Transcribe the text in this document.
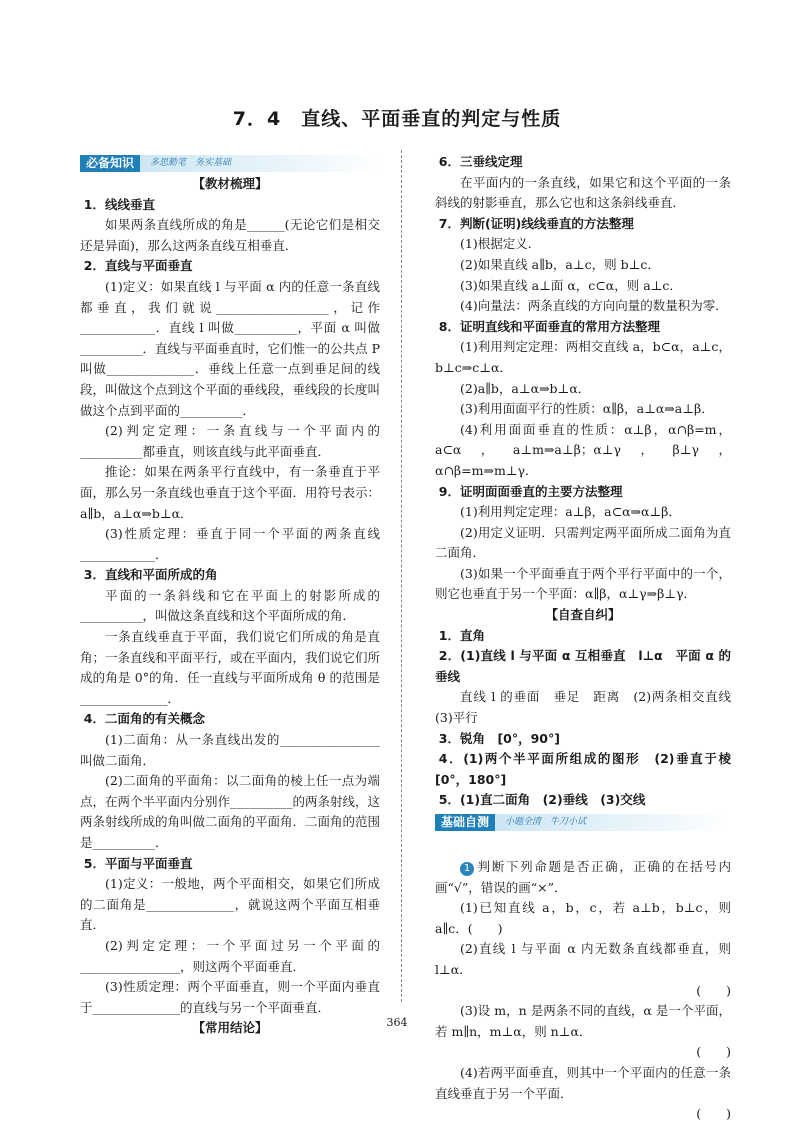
7．4　直线、平面垂直的判定与性质
必备知识	多思勤笔　务实基础

【教材梳理】

1．线线垂直

如果两条直线所成的角是______(无论它们是相交还是异面)，那么这两条直线互相垂直．

2．直线与平面垂直

(1)定义：如果直线 l 与平面 α 内的任意一条直线都垂直，我们就说__________________，记作____________．直线 l 叫做__________，平面 α 叫做__________．直线与平面垂直时，它们惟一的公共点 P 叫做______________．垂线上任意一点到垂足间的线段，叫做这个点到这个平面的垂线段，垂线段的长度叫做这个点到平面的__________．

(2)判定定理：一条直线与一个平面内的__________都垂直，则该直线与此平面垂直．

推论：如果在两条平行直线中，有一条垂直于平面，那么另一条直线也垂直于这个平面．用符号表示：a∥b，a⊥α⇒b⊥α．

(3)性质定理：垂直于同一个平面的两条直线____________．

3．直线和平面所成的角

平面的一条斜线和它在平面上的射影所成的__________，叫做这条直线和这个平面所成的角．

一条直线垂直于平面，我们说它们所成的角是直角；一条直线和平面平行，或在平面内，我们说它们所成的角是 0°的角．任一直线与平面所成角 θ 的范围是______________．

4．二面角的有关概念

(1)二面角：从一条直线出发的________________叫做二面角．

(2)二面角的平面角：以二面角的棱上任一点为端点，在两个半平面内分别作__________的两条射线，这两条射线所成的角叫做二面角的平面角．二面角的范围是__________．

5．平面与平面垂直

(1)定义：一般地，两个平面相交，如果它们所成的二面角是______________，就说这两个平面互相垂直．

(2)判定定理：一个平面过另一个平面的________________，则这两个平面垂直．

(3)性质定理：两个平面垂直，则一个平面内垂直于______________的直线与另一个平面垂直．

【常用结论】

6．三垂线定理

在平面内的一条直线，如果它和这个平面的一条斜线的射影垂直，那么它也和这条斜线垂直．

7．判断(证明)线线垂直的方法整理

(1)根据定义．

(2)如果直线 a∥b，a⊥c，则 b⊥c．

(3)如果直线 a⊥面 α，c⊂α，则 a⊥c．

(4)向量法：两条直线的方向向量的数量积为零．

8．证明直线和平面垂直的常用方法整理

(1)利用判定定理：两相交直线 a，b⊂α，a⊥c，b⊥c⇒c⊥α．

(2)a∥b，a⊥α⇒b⊥α．

(3)利用面面平行的性质：α∥β，a⊥α⇒a⊥β．

(4)利用面面垂直的性质：α⊥β，α∩β=m，a⊂α，a⊥m⇒a⊥β；α⊥γ，β⊥γ，α∩β=m⇒m⊥γ．

9．证明面面垂直的主要方法整理

(1)利用判定定理：a⊥β，a⊂α⇒α⊥β．

(2)用定义证明．只需判定两平面所成二面角为直二面角．

(3)如果一个平面垂直于两个平行平面中的一个，则它也垂直于另一个平面：α∥β，α⊥γ⇒β⊥γ．

【自查自纠】

1．直角

2．(1)直线 l 与平面 α 互相垂直　l⊥α　平面 α 的垂线

直线 l 的垂面　垂足　距离　(2)两条相交直线　(3)平行

3．锐角　[0°，90°]

4．(1)两个半平面所组成的图形　(2)垂直于棱　[0°，180°]

5．(1)直二面角　(2)垂线　(3)交线

基础自测	小题全清　牛刀小试

1 判断下列命题是否正确，正确的在括号内画“√”，错误的画“×”．

(1)已知直线 a，b，c，若 a⊥b，b⊥c，则 a∥c．(　　)

(2)直线 l 与平面 α 内无数条直线都垂直，则 l⊥α．

(　　)

(3)设 m，n 是两条不同的直线，α 是一个平面，若 m∥n，m⊥α，则 n⊥α．

(　　)

(4)若两平面垂直，则其中一个平面内的任意一条直线垂直于另一个平面．

(　　)

364
